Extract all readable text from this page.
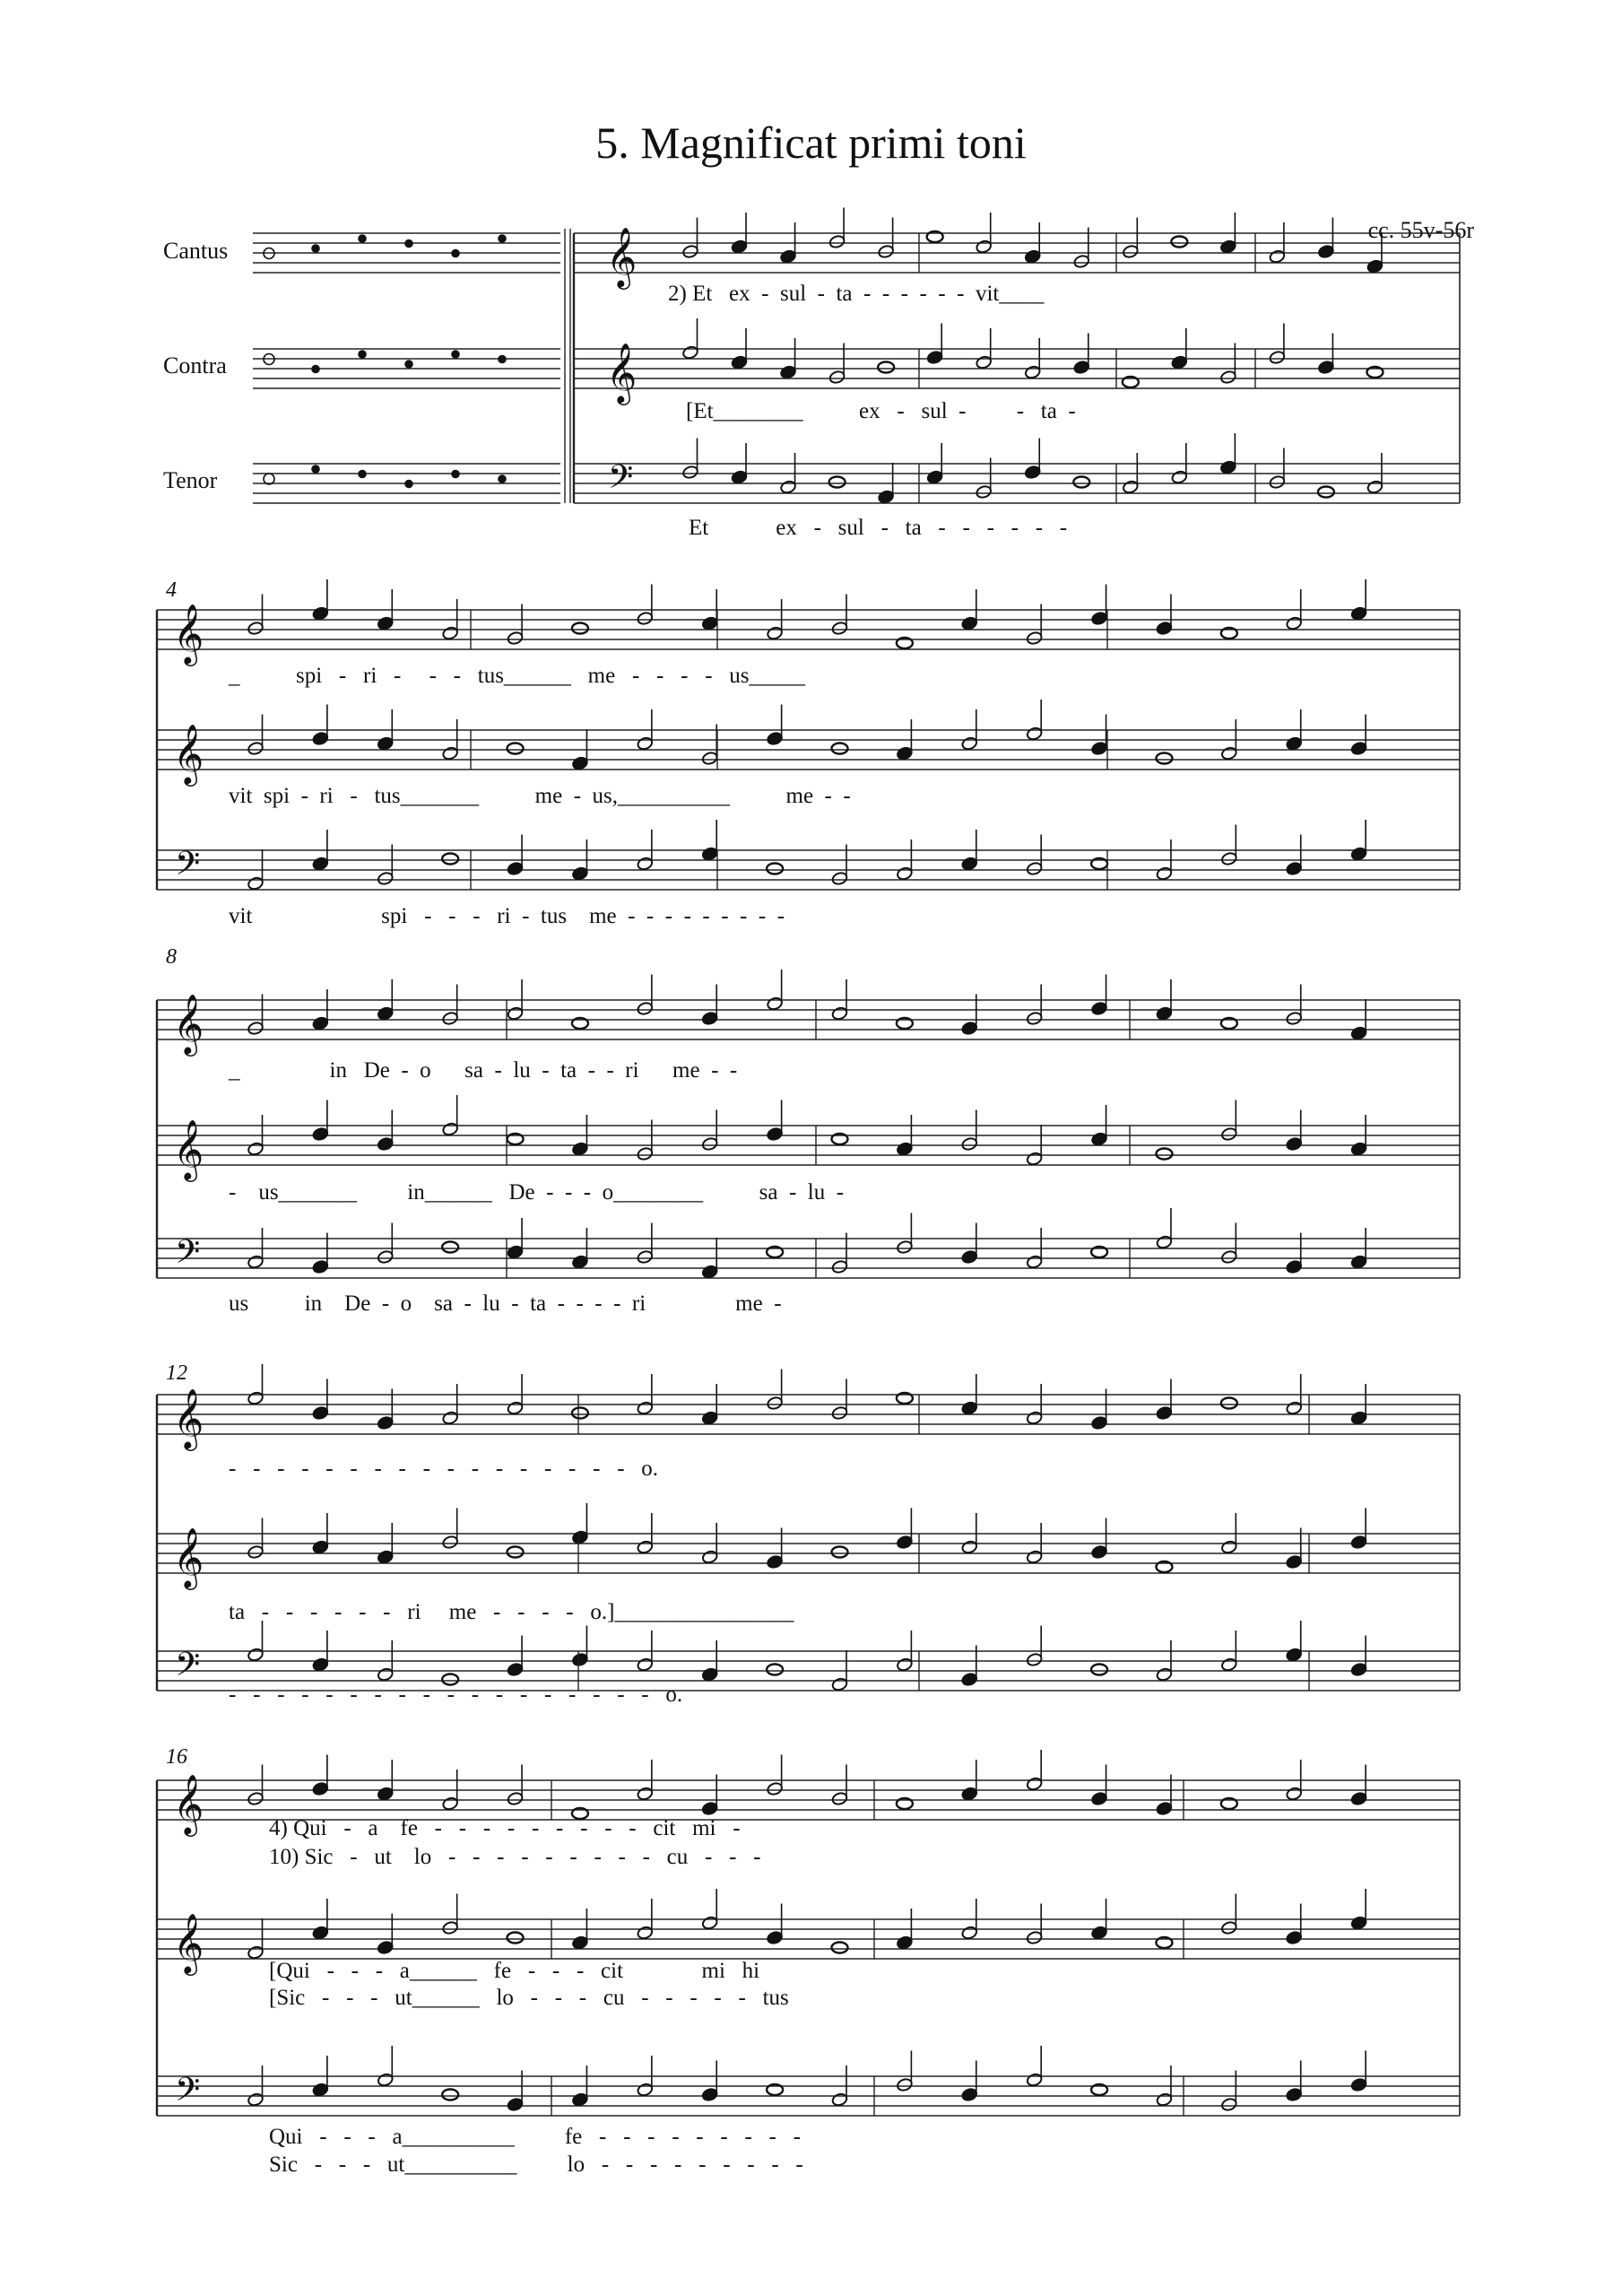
5. Magnificat primi toni
cc. 55v-56r
Cantus
Contra
Tenor
4
8
12
16
2) Et   ex  -  sul  -  ta  -  -  -  -  -  -  vit____
[Et________          ex   -   sul  -         -   ta  -
Et            ex   -   sul   -   ta   -   -   -   -   -   -
_          spi   -   ri   -     -   -   tus______   me   -   -   -   -   us_____
vit  spi  -  ri   -   tus_______          me  -  us,__________          me  -  -
vit                       spi   -   -   -   ri  -  tus    me  -  -  -  -  -  -  -  -  -
_                in   De  -  o      sa  -  lu  -  ta  -  -  ri      me  -  -
-    us_______         in______   De  -  -  -  o________          sa  -  lu  -
us          in    De  -  o    sa  -  lu  -  ta  -  -  -  -  ri                me  -
-   -   -   -   -   -   -   -   -   -   -   -   -   -   -   -   -   o.
ta   -   -   -   -   -   -   ri     me   -   -   -   -   o.]________________
-   -   -   -   -   -   -   -   -   -   -   -   -   -   -   -   -   -   o.
4) Qui   -   a    fe   -   -   -   -   -   -   -   -   -   cit   mi   -
10) Sic   -   ut    lo   -   -   -   -   -   -   -   -   -   cu   -   -   -
[Qui   -   -   -   a______   fe   -   -   -   cit              mi   hi
[Sic   -   -   -   ut______   lo   -   -   -   cu   -   -   -   -   -   tus
Qui   -   -   -   a__________         fe   -   -   -   -   -   -   -   -   -
Sic   -   -   -   ut__________         lo   -   -   -   -   -   -   -   -   -
𝄞
𝄞
𝄢
𝄞
𝄞
𝄢
𝄞
𝄞
𝄢
𝄞
𝄞
𝄢
𝄞
𝄞
𝄢
